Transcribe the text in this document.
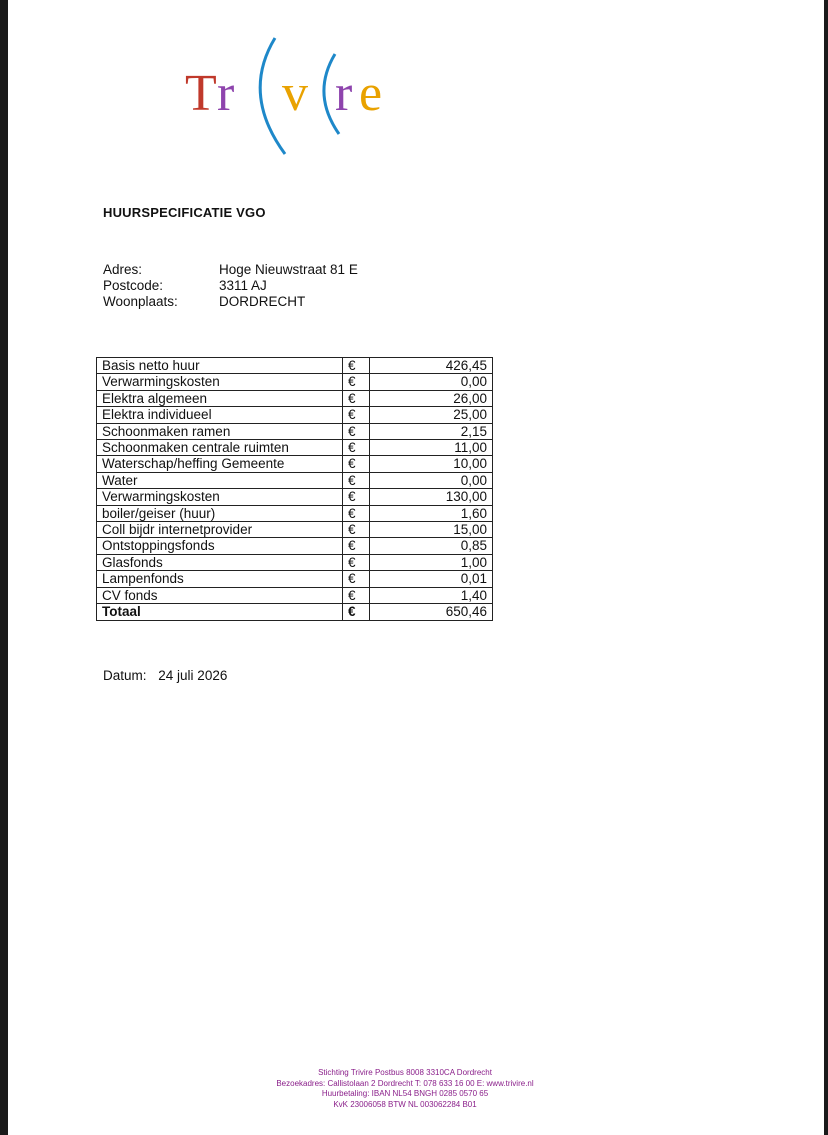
T r v r e
HUURSPECIFICATIE VGO
Adres:	Hoge Nieuwstraat 81 E
Postcode:	3311 AJ
Woonplaats:	DORDRECHT
Basis netto huur	€	426,45
Verwarmingskosten	€	0,00
Elektra algemeen	€	26,00
Elektra individueel	€	25,00
Schoonmaken ramen	€	2,15
Schoonmaken centrale ruimten	€	11,00
Waterschap/heffing Gemeente	€	10,00
Water	€	0,00
Verwarmingskosten	€	130,00
boiler/geiser (huur)	€	1,60
Coll bijdr internetprovider	€	15,00
Ontstoppingsfonds	€	0,85
Glasfonds	€	1,00
Lampenfonds	€	0,01
CV fonds	€	1,40
Totaal	€	650,46
Datum: 24 juli 2026
Stichting Trivire Postbus 8008 3310CA Dordrecht
Bezoekadres: Callistolaan 2 Dordrecht T: 078 633 16 00 E: www.trivire.nl
Huurbetaling: IBAN NL54 BNGH 0285 0570 65
KvK 23006058 BTW NL 003062284 B01
